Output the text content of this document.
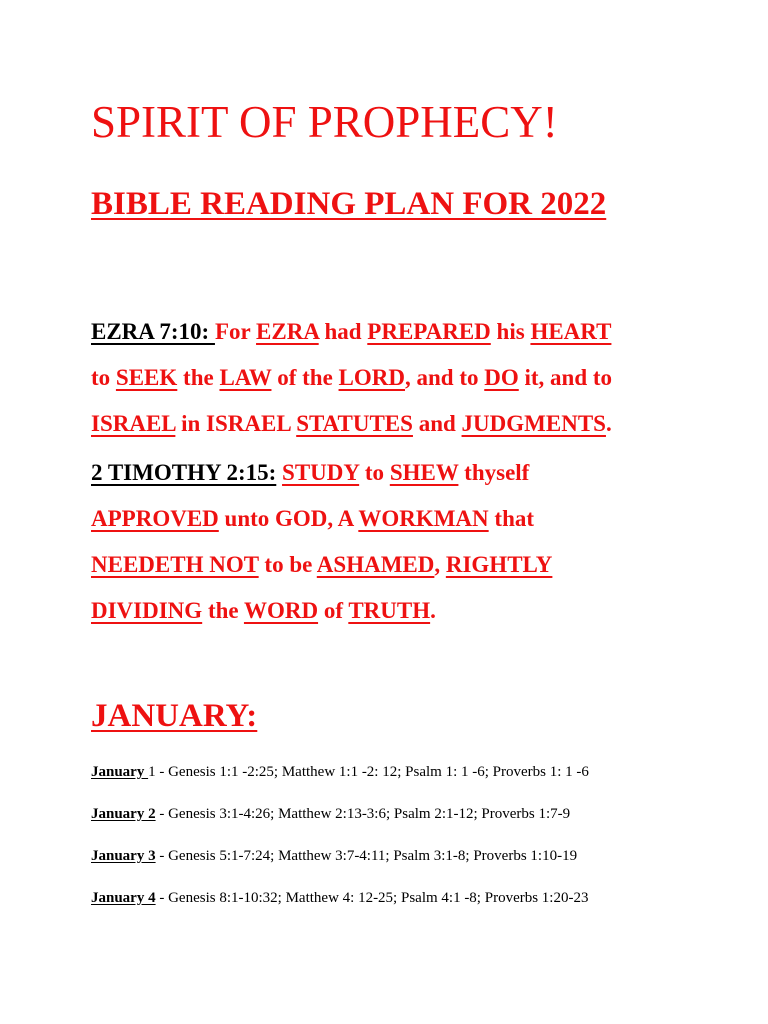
SPIRIT OF PROPHECY!
BIBLE READING PLAN FOR 2022

EZRA 7:10: For EZRA had PREPARED his HEART
to SEEK the LAW of the LORD, and to DO it, and to
ISRAEL in ISRAEL STATUTES and JUDGMENTS.

2 TIMOTHY 2:15: STUDY to SHEW thyself
APPROVED unto GOD, A WORKMAN that
NEEDETH NOT to be ASHAMED, RIGHTLY
DIVIDING the WORD of TRUTH.

JANUARY:
January 1 - Genesis 1:1 -2:25; Matthew 1:1 -2: 12; Psalm 1: 1 -6; Proverbs 1: 1 -6
January 2 - Genesis 3:1-4:26; Matthew 2:13-3:6; Psalm 2:1-12; Proverbs 1:7-9
January 3 - Genesis 5:1-7:24; Matthew 3:7-4:11; Psalm 3:1-8; Proverbs 1:10-19
January 4 - Genesis 8:1-10:32; Matthew 4: 12-25; Psalm 4:1 -8; Proverbs 1:20-23
